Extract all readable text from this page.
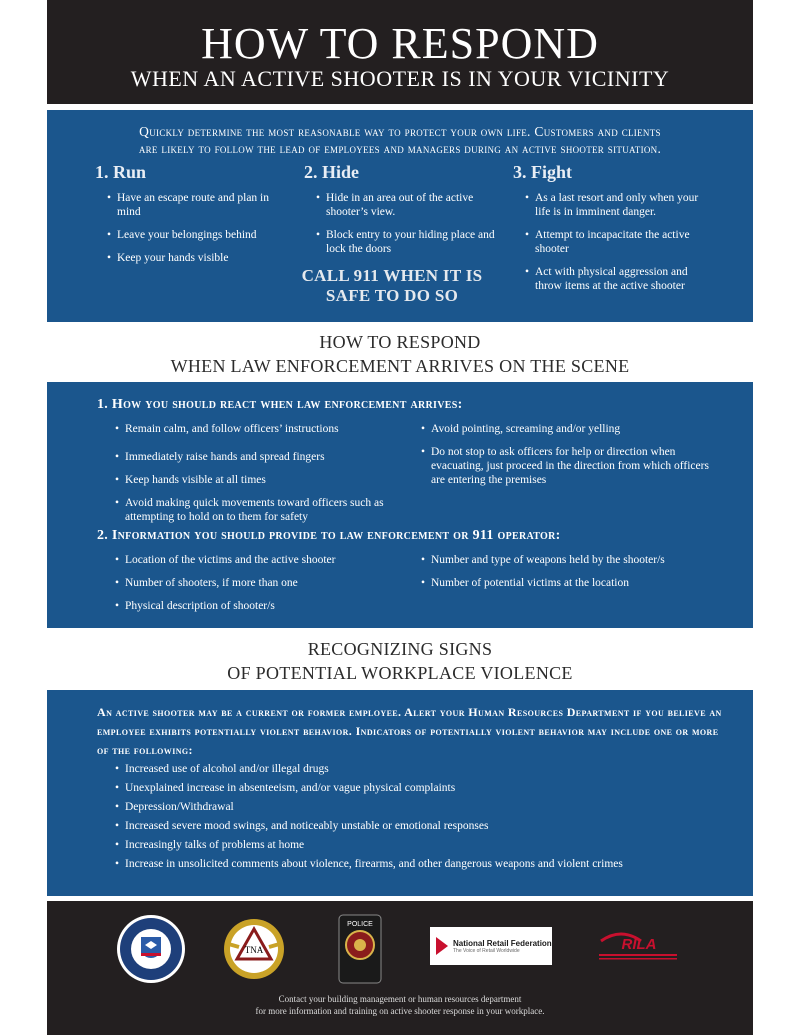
HOW TO RESPOND
WHEN AN ACTIVE SHOOTER IS IN YOUR VICINITY
Quickly determine the most reasonable way to protect your own life. Customers and clients
are likely to follow the lead of employees and managers during an active shooter situation.
1. Run
• Have an escape route and plan in mind
• Leave your belongings behind
• Keep your hands visible
2. Hide
• Hide in an area out of the active shooter’s view.
• Block entry to your hiding place and lock the doors
3. Fight
• As a last resort and only when your life is in imminent danger.
• Attempt to incapacitate the active shooter
• Act with physical aggression and throw items at the active shooter
CALL 911 WHEN IT IS SAFE TO DO SO
HOW TO RESPOND
WHEN LAW ENFORCEMENT ARRIVES ON THE SCENE
1. How you should react when law enforcement arrives:
• Remain calm, and follow officers’ instructions
• Immediately raise hands and spread fingers
• Keep hands visible at all times
• Avoid making quick movements toward officers such as attempting to hold on to them for safety
• Avoid pointing, screaming and/or yelling
• Do not stop to ask officers for help or direction when evacuating, just proceed in the direction from which officers are entering the premises
2. Information you should provide to law enforcement or 911 operator:
• Location of the victims and the active shooter
• Number of shooters, if more than one
• Physical description of shooter/s
• Number and type of weapons held by the shooter/s
• Number of potential victims at the location
RECOGNIZING SIGNS
OF POTENTIAL WORKPLACE VIOLENCE
An active shooter may be a current or former employee. Alert your Human Resources Department if you believe an employee exhibits potentially violent behavior. Indicators of potentially violent behavior may include one or more of the following:
• Increased use of alcohol and/or illegal drugs
• Unexplained increase in absenteeism, and/or vague physical complaints
• Depression/Withdrawal
• Increased severe mood swings, and noticeably unstable or emotional responses
• Increasingly talks of problems at home
• Increase in unsolicited comments about violence, firearms, and other dangerous weapons and violent crimes
TNA
POLICE
National Retail Federation
The Voice of Retail Worldwide	RILA
Contact your building management or human resources department
for more information and training on active shooter response in your workplace.
